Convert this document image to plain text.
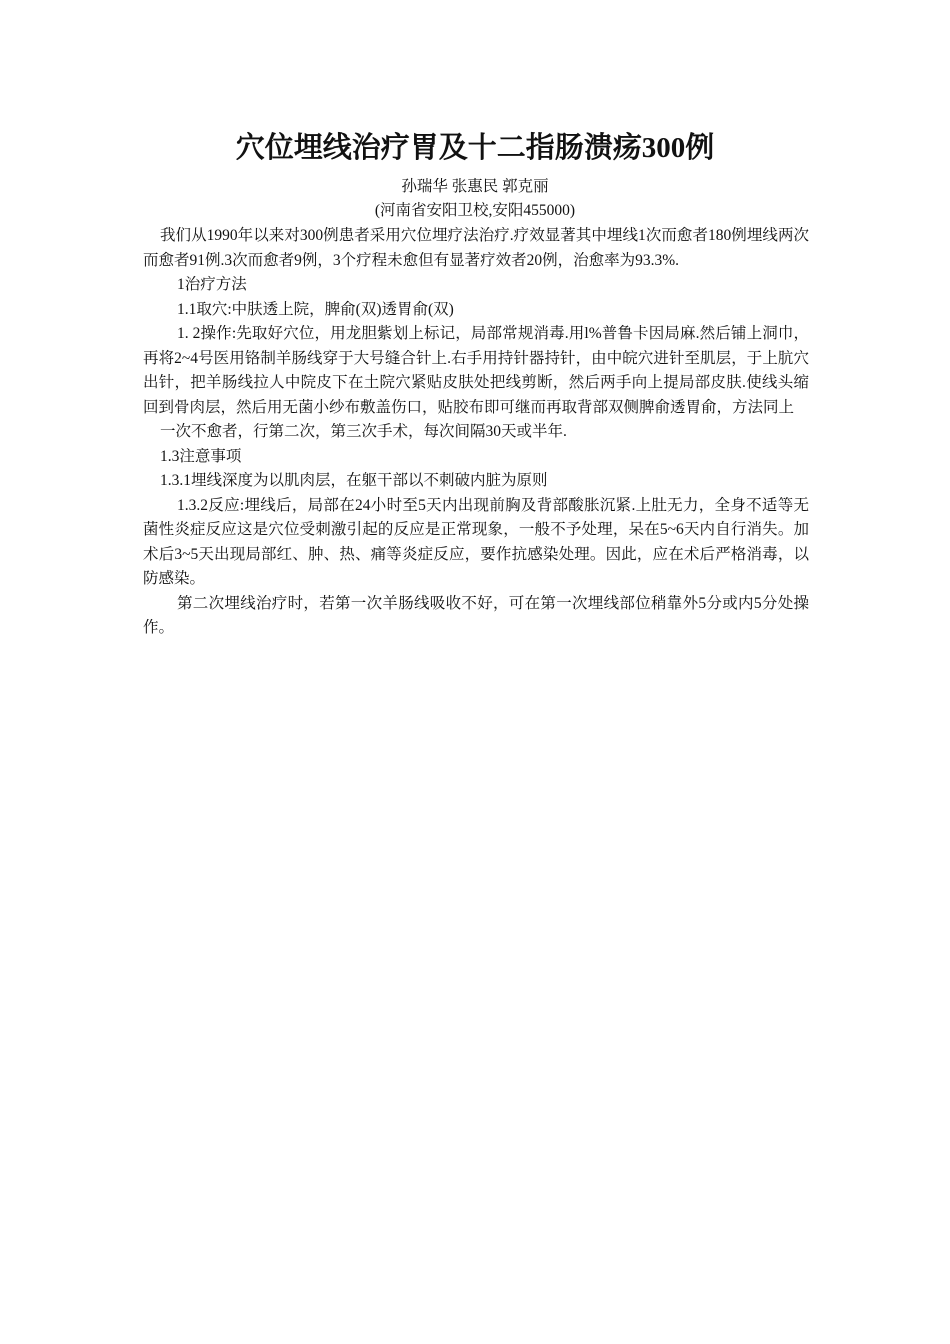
穴位埋线治疗胃及十二指肠溃疡300例
孙瑞华 张惠民 郭克丽
(河南省安阳卫校,安阳455000)

我们从1990年以来对300例患者采用穴位埋疗法治疗.疗效显著其中埋线1次而愈者180例埋线两次而愈者91例.3次而愈者9例，3个疗程未愈但有显著疗效者20例，治愈率为93.3%.

1治疗方法

1.1取穴:中肤透上院，脾俞(双)透胃俞(双)

1. 2操作:先取好穴位，用龙胆紫划上标记，局部常规消毒.用l%普鲁卡因局麻.然后铺上洞巾，再将2~4号医用铬制羊肠线穿于大号缝合针上.右手用持针器持针，由中皖穴进针至肌层，于上肮穴出针，把羊肠线拉人中院皮下在土院穴紧贴皮肤处把线剪断，然后两手向上提局部皮肤.使线头缩回到骨肉层，然后用无菌小纱布敷盖伤口，贴胶布即可继而再取背部双侧脾俞透胃俞，方法同上

一次不愈者，行第二次，第三次手术，每次间隔30天或半年.

1.3注意事项

1.3.1埋线深度为以肌肉层，在躯干部以不刺破内脏为原则

1.3.2反应:埋线后，局部在24小时至5天内出现前胸及背部酸胀沉紧.上肚无力，全身不适等无菌性炎症反应这是穴位受刺激引起的反应是正常现象，一般不予处理，呆在5~6天内自行消失。加术后3~5天出现局部红、肿、热、痛等炎症反应，要作抗感染处理。因此，应在术后严格消毒，以防感染。

第二次埋线治疗时，若第一次羊肠线吸收不好，可在第一次埋线部位稍靠外5分或内5分处操作。
